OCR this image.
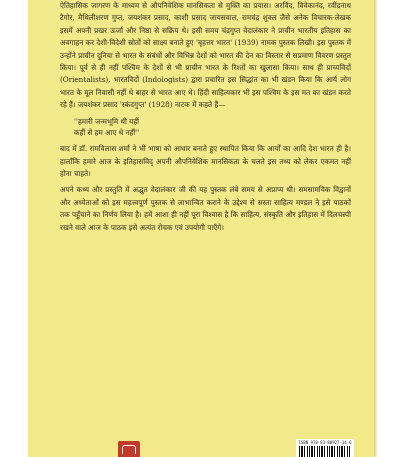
ऐतिहासिक जागरण के माध्यम से औपनिवेशिक मानसिकता से मुक्ति का प्रयास। अरविंद, विवेकानंद, रवींद्रनाथ टैगोर, मैथिलीशरण गुप्त, जयशंकर प्रसाद, काशी प्रसाद जायसवाल, रामचंद्र शुक्ल जैसे अनेक विचारक-लेखक इसमें अपनी प्रखर ऊर्जा और निष्ठा से सक्रिय थे। इसी समय चंद्रगुप्त वेदालंकार ने प्राचीन भारतीय इतिहास का अवगाहन कर देशी-विदेशी स्रोतों को साक्ष्य बनाते हुए 'बृहत्तर भारत' (1939) नामक पुस्तक लिखी। इस पुस्तक में उन्होंने प्राचीन दुनिया से भारत के संबंधों और विभिन्न देशों को भारत की देन का विस्तार से सप्रमाण विवरण प्रस्तुत किया। पूर्व से ही नहीं पश्चिम के देशों से भी प्राचीन भारत के रिश्तों का खुलासा किया। साथ ही प्राच्यविदों (Orientalists), भारतविदों (Indologists) द्वारा प्रचारित इस सिद्धांत का भी खंडन किया कि आर्य लोग भारत के मूल निवासी नहीं थे बाहर से भारत आए थे। हिंदी साहित्यकार भी इस पश्चिम के इस मत का खंडन करते रहे हैं। जयशंकर प्रसाद 'स्कंदगुप्त' (1928) नाटक में कहते हैं—

''हमारी जन्मभूमि थी यहीं
कहीं से हम आए थे नहीं''

बाद में डॉ. रामविलास शर्मा ने भी भाषा को आधार बनाते हुए स्थापित किया कि आर्यों का आदि देश भारत ही है। हालाँकि हमारे आज के इतिहासविद् अपनी औपनिवेशिक मानसिकता के चलते इस तथ्य को लेकर एकमत नहीं होना चाहते।

अपने कथ्य और प्रस्तुति में अद्भुत वेदालंकार जी की यह पुस्तक लंबे समय से अप्राप्य थी। समसामयिक विद्वानों और अध्येताओं को इस महत्त्वपूर्ण पुस्तक से लाभान्वित कराने के उद्देश्य से सस्ता साहित्य मण्डल ने इसे पाठकों तक पहुँचाने का निर्णय लिया है। हमें आशा ही नहीं पूरा विश्वास है कि साहित्य, संस्कृति और इतिहास में दिलचस्पी रखने वाले आज के पाठक इसे अत्यंत रोचक एवं उपयोगी पाएँगे।

ISBN 978-93-88927-14-6
